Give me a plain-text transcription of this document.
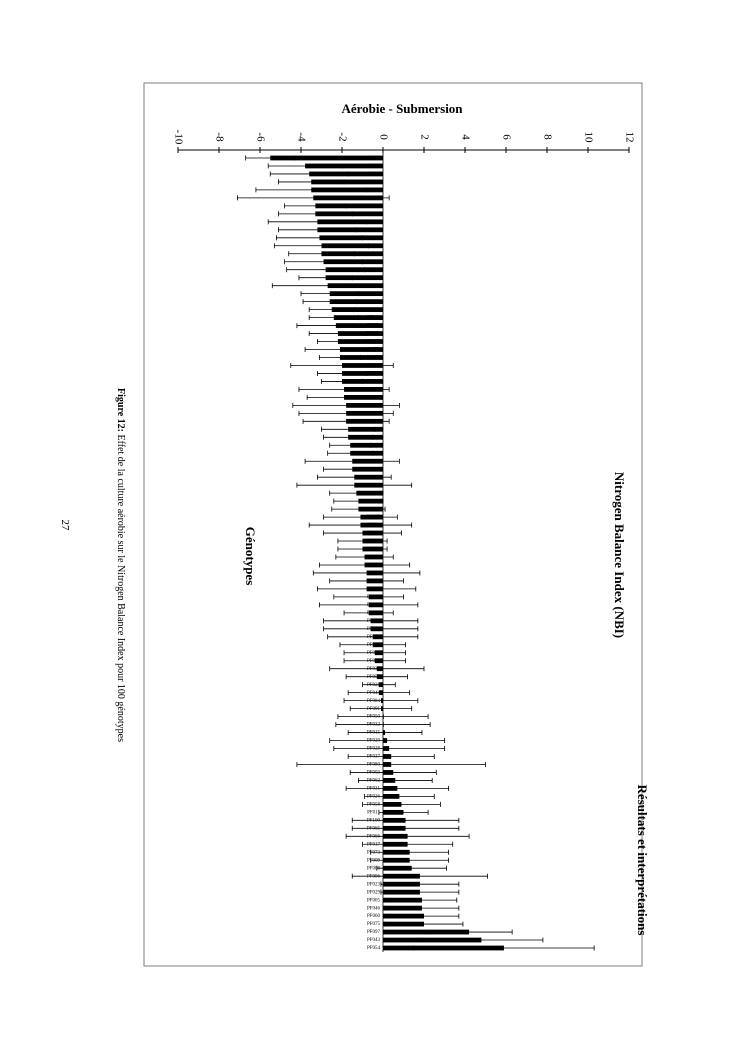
-10	-8	-6	-4	-2	0	2	4	6	8	10	12
PF022
PF068
PF089
PF042
PF013
PF099
PF056
PF098
PF076
PF063
PF067
PF019
PF072
PF047
PF053
PF025
PF096
PF038
PF061
PF051
PF016
PF092
PF082
PF045
PF071
PF094
PF024
PF001
PF049
PF093
PF007
PF083
PF078
PF018
PF059
PF087
PF070
PF030
PF086
PF088
PF055
PF004
PF079
PF095
PF002
PF077
PF034
PF014
PF085
PF090
PF041
PF064
PF081
PF010
PF069
PF052
PF040
PF035
PF048
PF036
PF012
PF027
PF074
PF039
PF033
PF057
PF021
PF044
PF084
PF091
PF050
PF032
PF015
PF020
PF028
PF037
PF080
PF003
PF062
PF031
PF026
PF058
PF011
PF100
PF065
PF066
PF017
PF073
PF009
PF008
PF006
PF023
PF029
PF005
PF046
PF060
PF075
PF097
PF043
PF054
Aérobie - Submersion
Nitrogen Balance Index (NBI)
Génotypes
Résultats et interprétations
Figure 12: Effet de la culture aérobie sur le Nitrogen Balance Index pour 100 génotypes
27
